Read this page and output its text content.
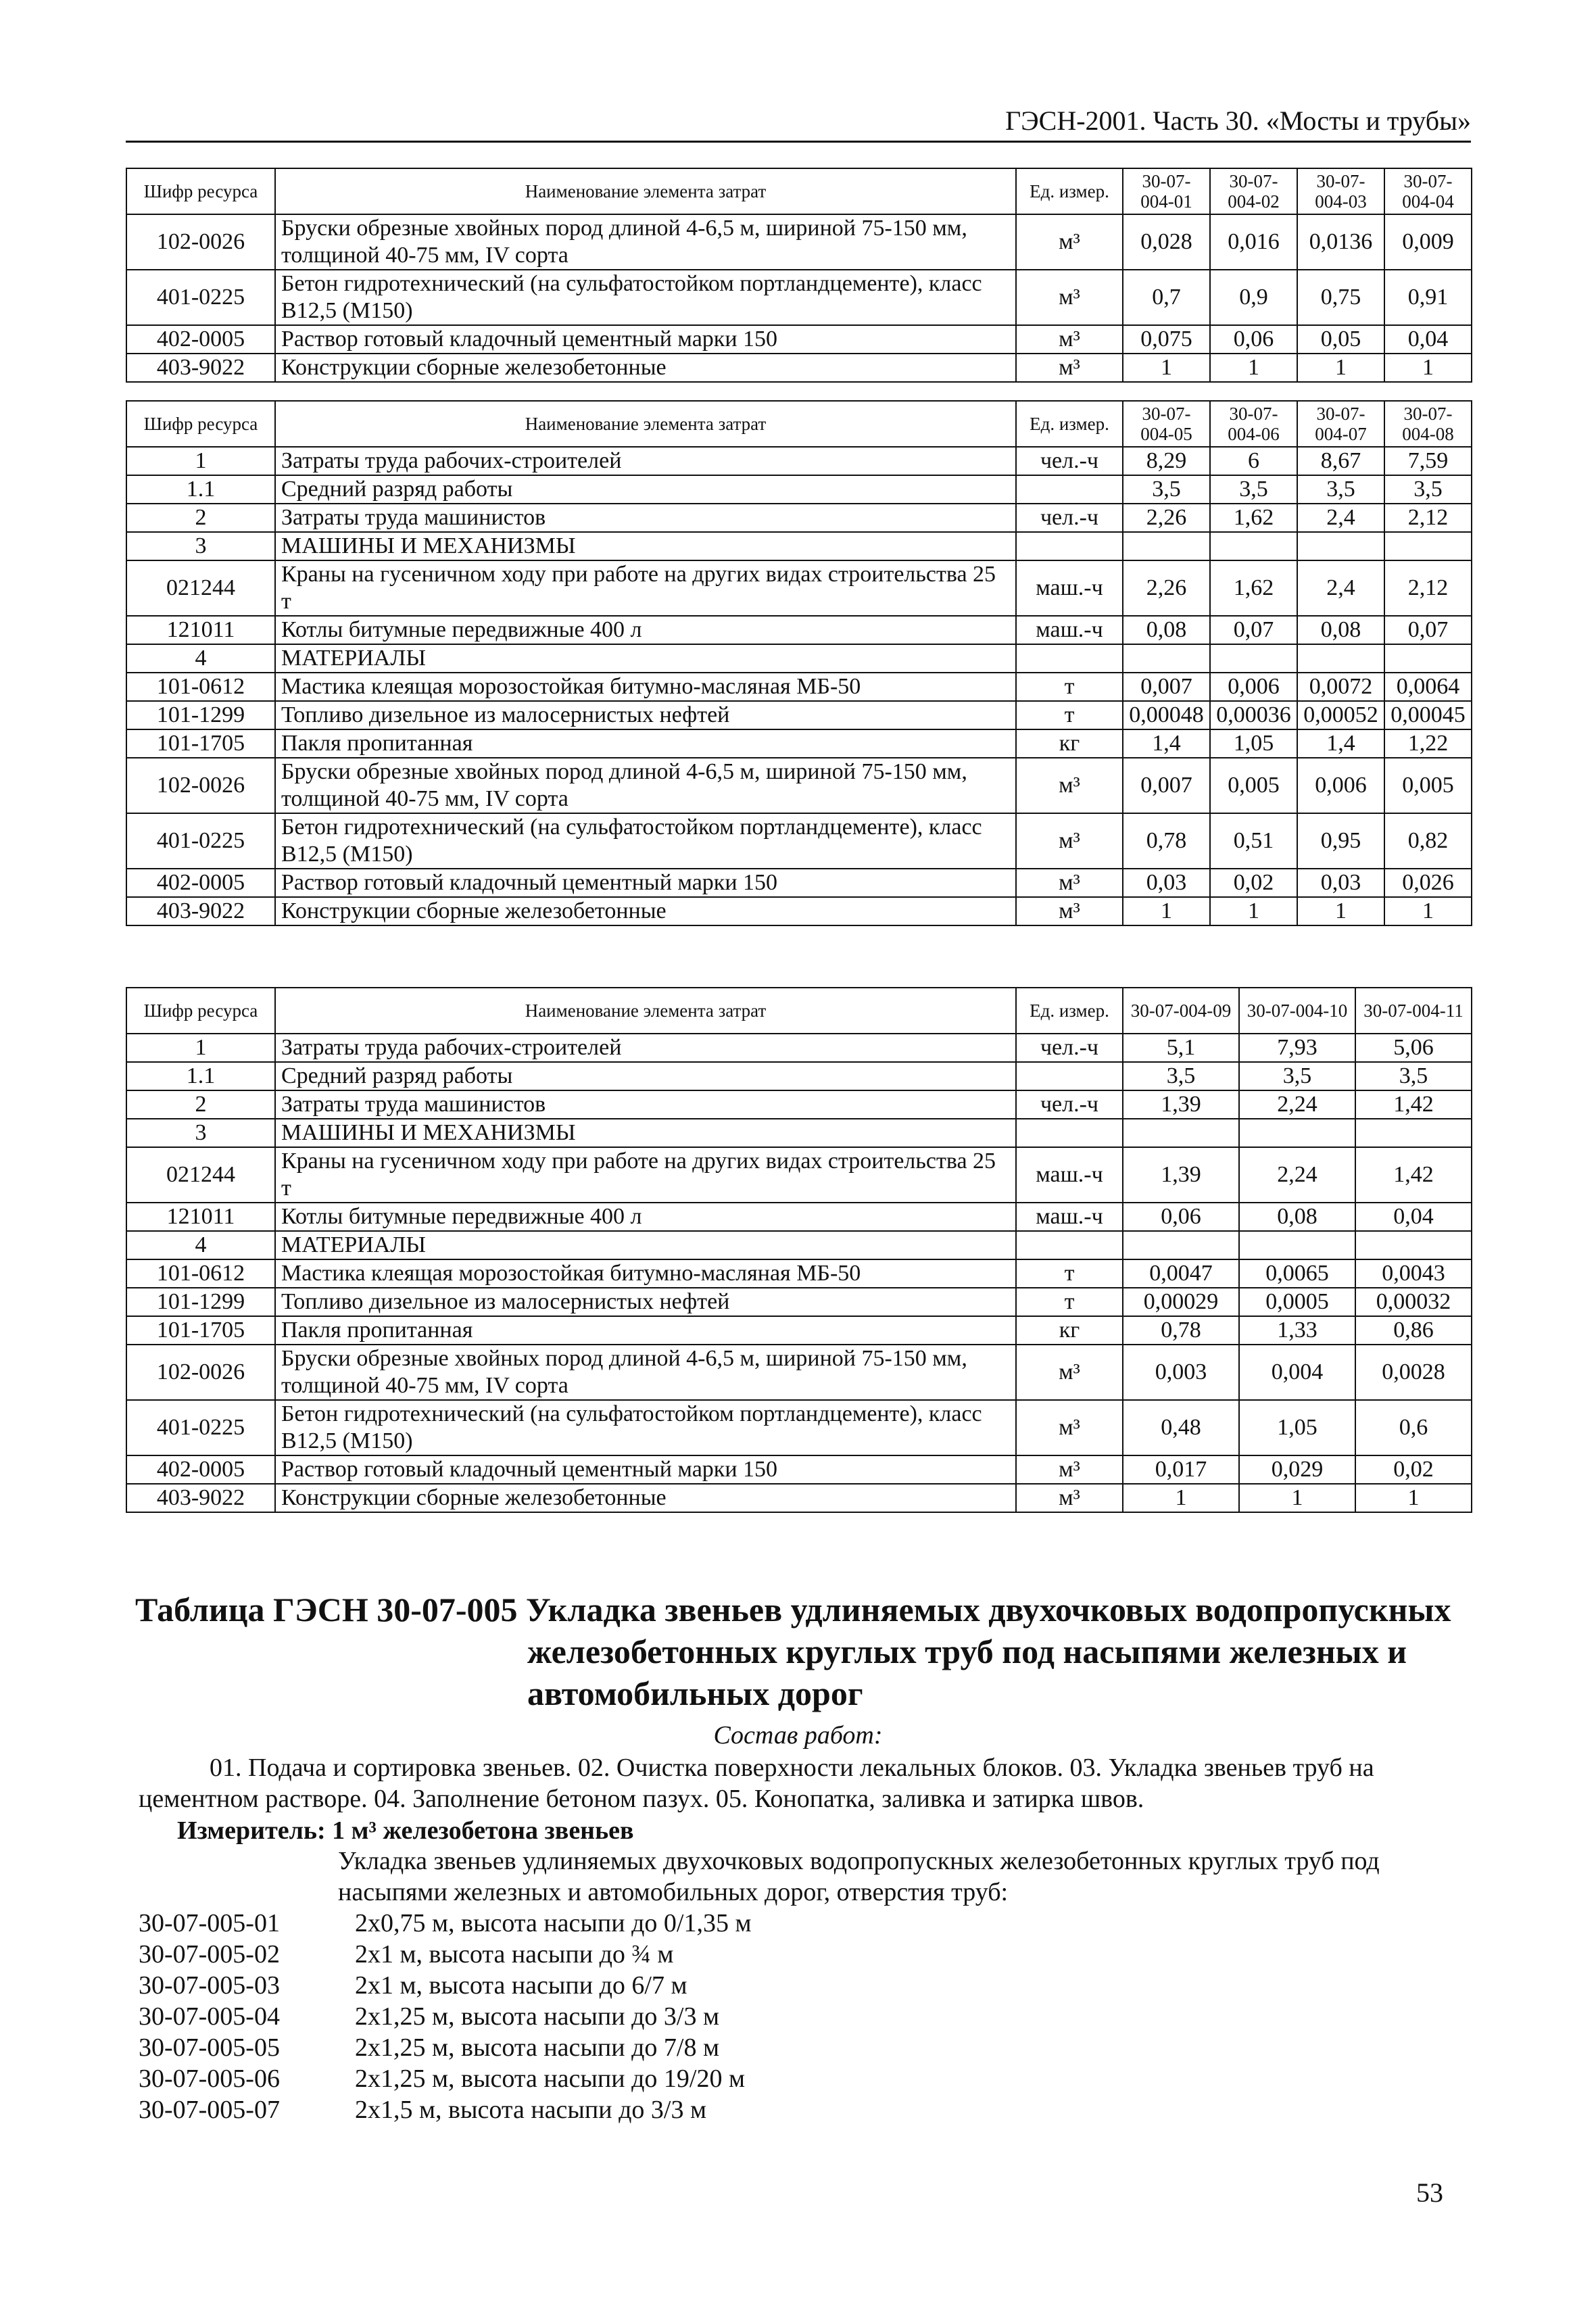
ГЭСН-2001. Часть 30. «Мосты и трубы»
Шифр ресурса	Наименование элемента затрат	Ед. измер.	30-07-004-01	30-07-004-02	30-07-004-03	30-07-004-04
102-0026	Бруски обрезные хвойных пород длиной 4-6,5 м, шириной 75-150 мм, толщиной 40-75 мм, IV сорта	м³	0,028	0,016	0,0136	0,009
401-0225	Бетон гидротехнический (на сульфатостойком портландцементе), класс В12,5 (М150)	м³	0,7	0,9	0,75	0,91
402-0005	Раствор готовый кладочный цементный марки 150	м³	0,075	0,06	0,05	0,04
403-9022	Конструкции сборные железобетонные	м³	1	1	1	1
Шифр ресурса	Наименование элемента затрат	Ед. измер.	30-07-004-05	30-07-004-06	30-07-004-07	30-07-004-08
1	Затраты труда рабочих-строителей	чел.-ч	8,29	6	8,67	7,59
1.1	Средний разряд работы		3,5	3,5	3,5	3,5
2	Затраты труда машинистов	чел.-ч	2,26	1,62	2,4	2,12
3	МАШИНЫ И МЕХАНИЗМЫ					
021244	Краны на гусеничном ходу при работе на других видах строительства 25 т	маш.-ч	2,26	1,62	2,4	2,12
121011	Котлы битумные передвижные 400 л	маш.-ч	0,08	0,07	0,08	0,07
4	МАТЕРИАЛЫ					
101-0612	Мастика клеящая морозостойкая битумно-масляная МБ-50	т	0,007	0,006	0,0072	0,0064
101-1299	Топливо дизельное из малосернистых нефтей	т	0,00048	0,00036	0,00052	0,00045
101-1705	Пакля пропитанная	кг	1,4	1,05	1,4	1,22
102-0026	Бруски обрезные хвойных пород длиной 4-6,5 м, шириной 75-150 мм, толщиной 40-75 мм, IV сорта	м³	0,007	0,005	0,006	0,005
401-0225	Бетон гидротехнический (на сульфатостойком портландцементе), класс В12,5 (М150)	м³	0,78	0,51	0,95	0,82
402-0005	Раствор готовый кладочный цементный марки 150	м³	0,03	0,02	0,03	0,026
403-9022	Конструкции сборные железобетонные	м³	1	1	1	1
Шифр ресурса	Наименование элемента затрат	Ед. измер.	30-07-004-09	30-07-004-10	30-07-004-11
1	Затраты труда рабочих-строителей	чел.-ч	5,1	7,93	5,06
1.1	Средний разряд работы		3,5	3,5	3,5
2	Затраты труда машинистов	чел.-ч	1,39	2,24	1,42
3	МАШИНЫ И МЕХАНИЗМЫ				
021244	Краны на гусеничном ходу при работе на других видах строительства 25 т	маш.-ч	1,39	2,24	1,42
121011	Котлы битумные передвижные 400 л	маш.-ч	0,06	0,08	0,04
4	МАТЕРИАЛЫ				
101-0612	Мастика клеящая морозостойкая битумно-масляная МБ-50	т	0,0047	0,0065	0,0043
101-1299	Топливо дизельное из малосернистых нефтей	т	0,00029	0,0005	0,00032
101-1705	Пакля пропитанная	кг	0,78	1,33	0,86
102-0026	Бруски обрезные хвойных пород длиной 4-6,5 м, шириной 75-150 мм, толщиной 40-75 мм, IV сорта	м³	0,003	0,004	0,0028
401-0225	Бетон гидротехнический (на сульфатостойком портландцементе), класс В12,5 (М150)	м³	0,48	1,05	0,6
402-0005	Раствор готовый кладочный цементный марки 150	м³	0,017	0,029	0,02
403-9022	Конструкции сборные железобетонные	м³	1	1	1
Таблица ГЭСН 30-07-005 Укладка звеньев удлиняемых двухочковых водопропускных
железобетонных круглых труб под насыпями железных и автомобильных дорог
Состав работ:
01. Подача и сортировка звеньев. 02. Очистка поверхности лекальных блоков. 03. Укладка звеньев труб на цементном растворе. 04. Заполнение бетоном пазух. 05. Конопатка, заливка и затирка швов.
Измеритель: 1 м³ железобетона звеньев
Укладка звеньев удлиняемых двухочковых водопропускных железобетонных круглых труб под насыпями железных и автомобильных дорог, отверстия труб:
30-07-005-01	2х0,75 м, высота насыпи до 0/1,35 м
30-07-005-02	2х1 м, высота насыпи до ¾ м
30-07-005-03	2х1 м, высота насыпи до 6/7 м
30-07-005-04	2х1,25 м, высота насыпи до 3/3 м
30-07-005-05	2х1,25 м, высота насыпи до 7/8 м
30-07-005-06	2х1,25 м, высота насыпи до 19/20 м
30-07-005-07	2х1,5 м, высота насыпи до 3/3 м
53
